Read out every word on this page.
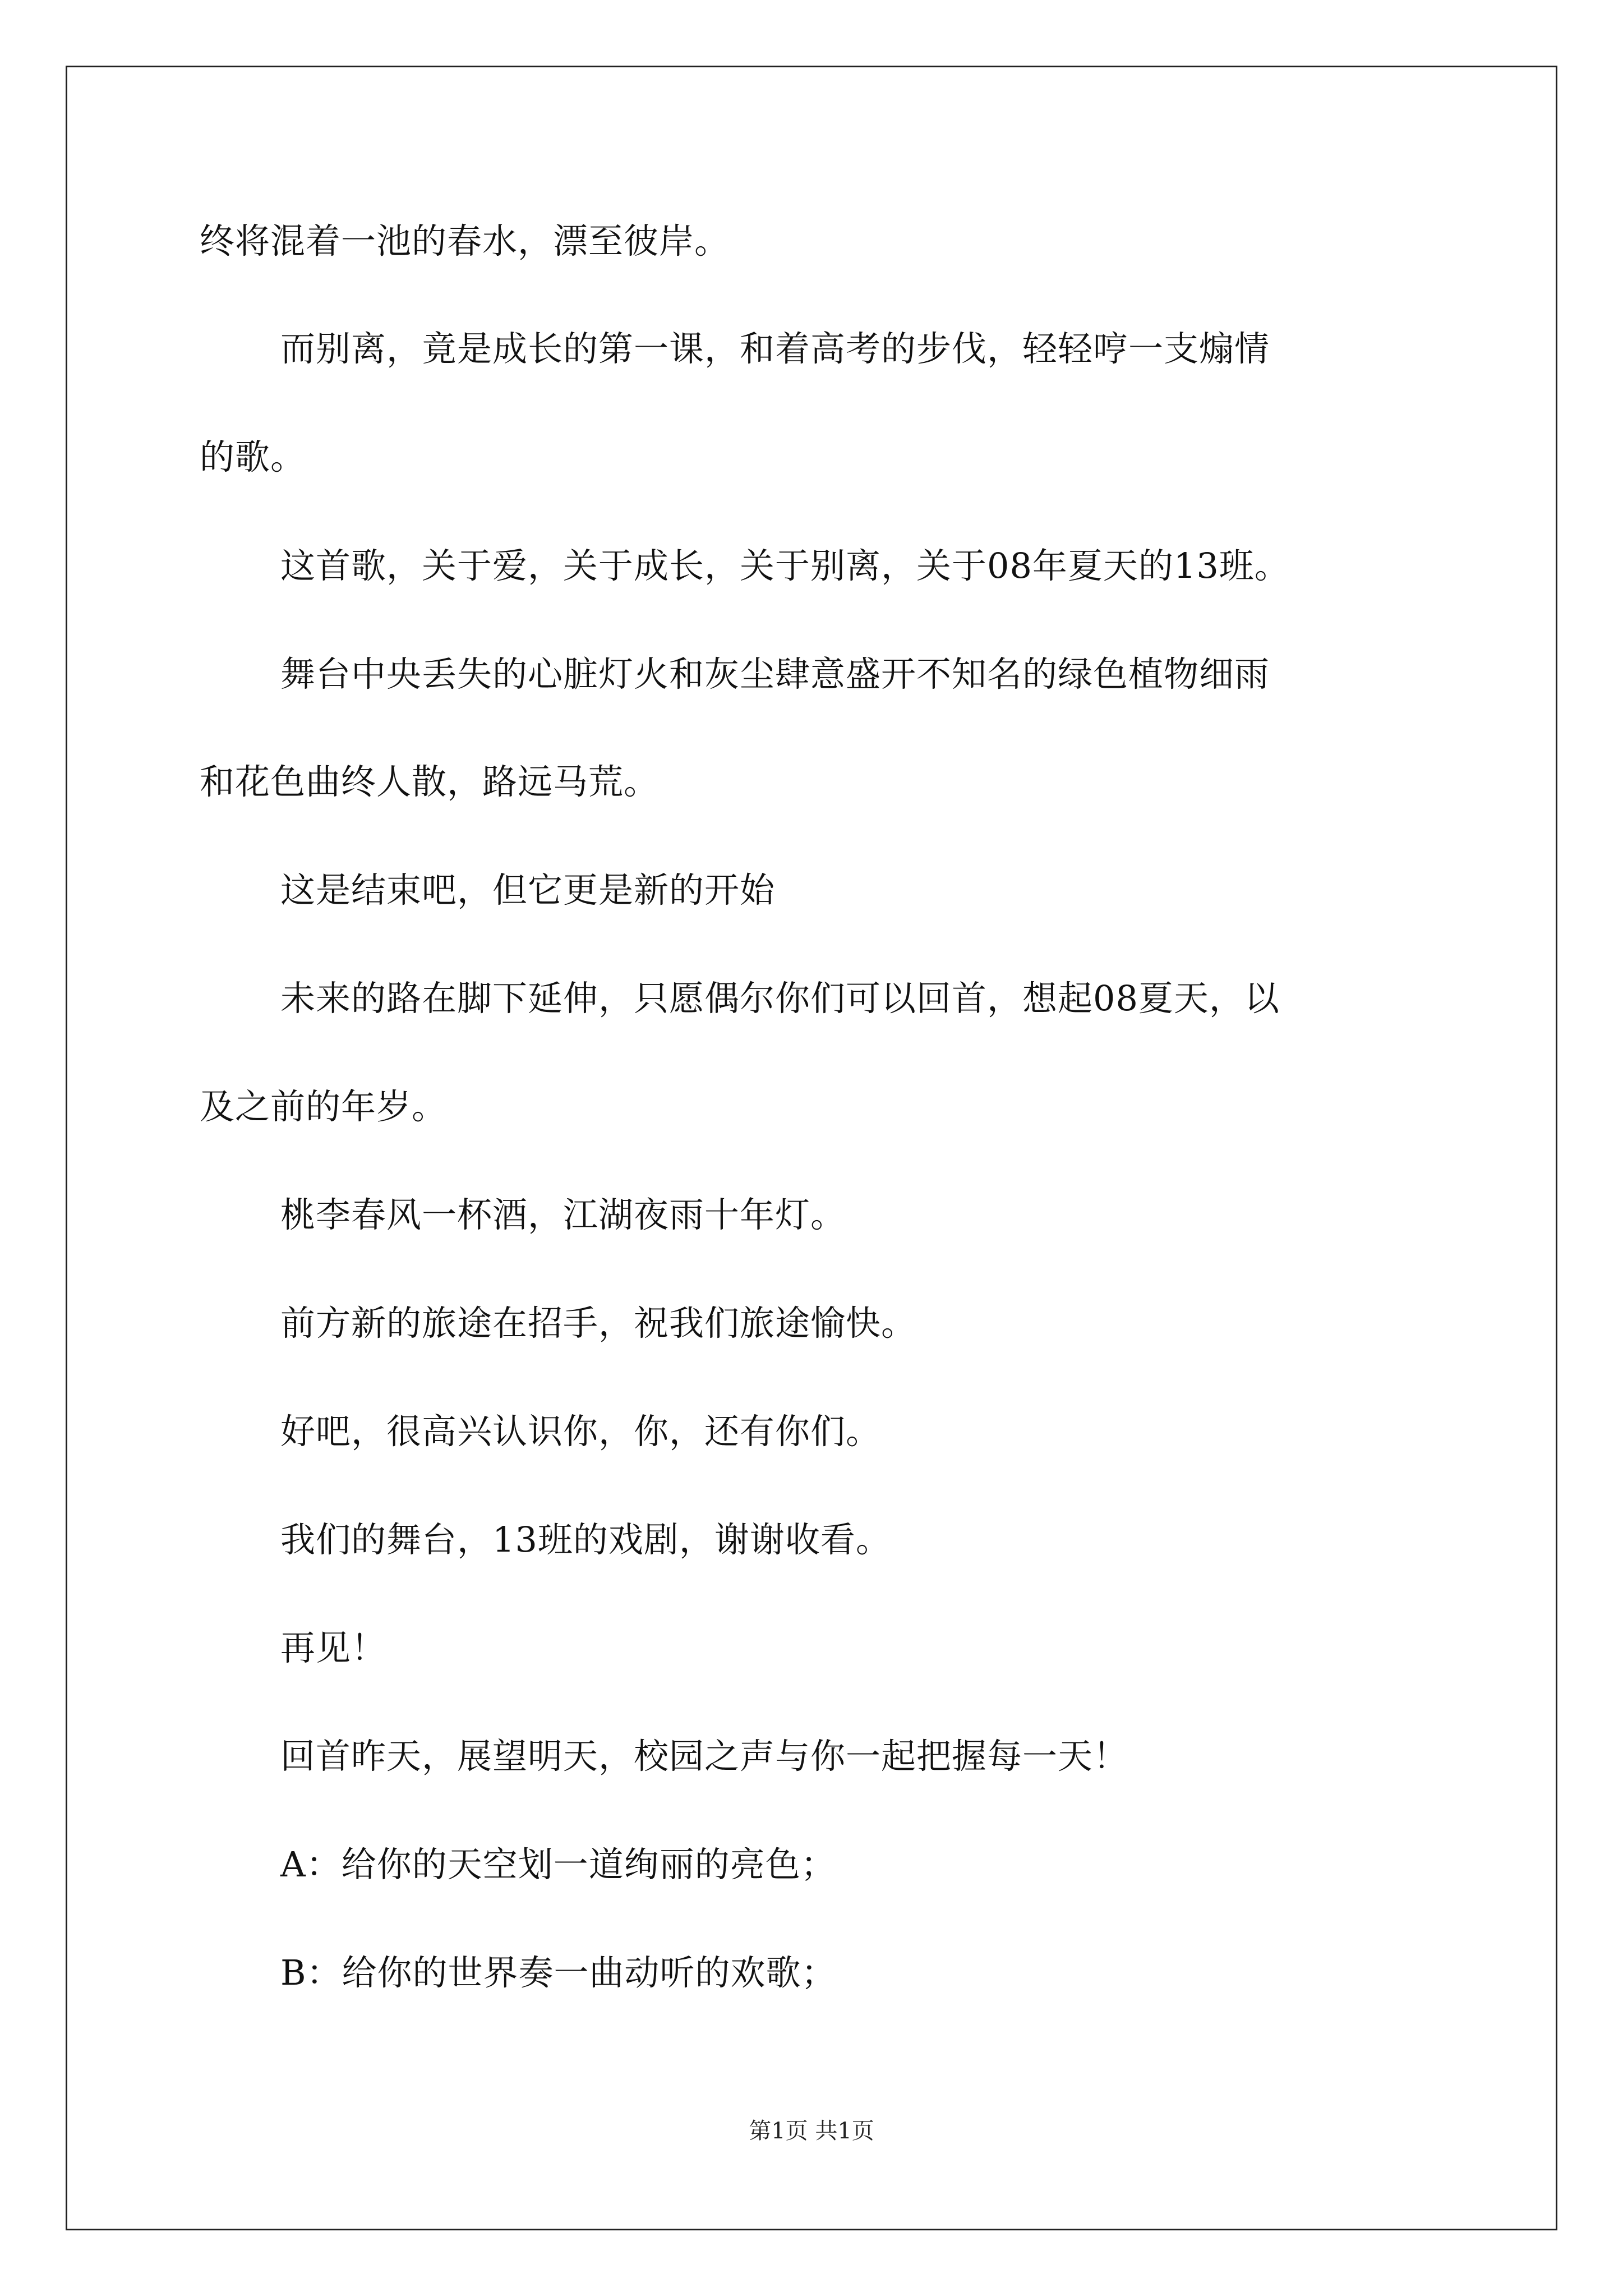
终将混着一池的春水，漂至彼岸。
而别离，竟是成长的第一课，和着高考的步伐，轻轻哼一支煽情
的歌。
这首歌，关于爱，关于成长，关于别离，关于08年夏天的13班。
舞台中央丢失的心脏灯火和灰尘肆意盛开不知名的绿色植物细雨
和花色曲终人散，路远马荒。
这是结束吧，但它更是新的开始
未来的路在脚下延伸，只愿偶尔你们可以回首，想起08夏天，以
及之前的年岁。
桃李春风一杯酒，江湖夜雨十年灯。
前方新的旅途在招手，祝我们旅途愉快。
好吧，很高兴认识你，你，还有你们。
我们的舞台，13班的戏剧，谢谢收看。
再见！
回首昨天，展望明天，校园之声与你一起把握每一天！
A：给你的天空划一道绚丽的亮色；
B：给你的世界奏一曲动听的欢歌；
第1页 共1页
